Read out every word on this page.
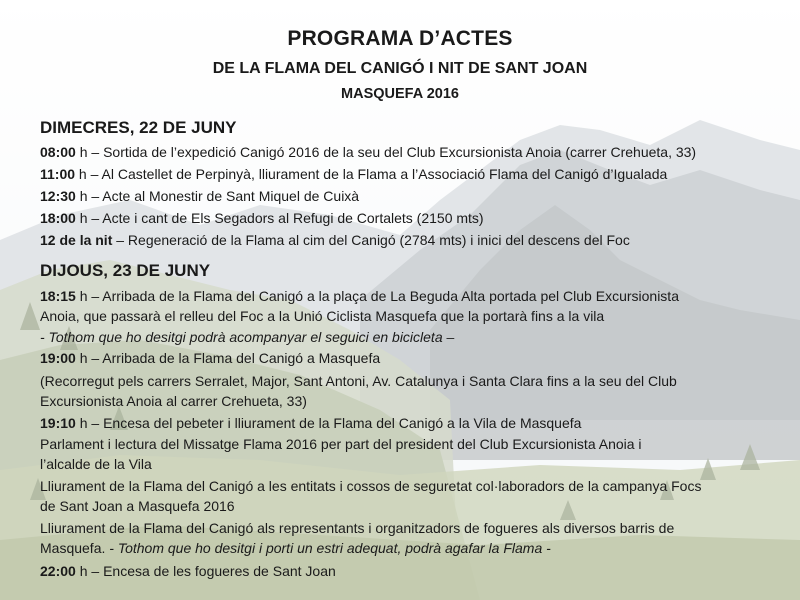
PROGRAMA D’ACTES
DE LA FLAMA DEL CANIGÓ I NIT DE SANT JOAN
MASQUEFA 2016
DIMECRES, 22 DE JUNY
08:00 h – Sortida de l’expedició Canigó 2016 de la seu del Club Excursionista Anoia (carrer Crehueta, 33)
11:00 h – Al Castellet de Perpinyà, lliurament de la Flama a l’Associació Flama del Canigó d’Igualada
12:30 h – Acte al Monestir de Sant Miquel de Cuixà
18:00 h – Acte i cant de Els Segadors al Refugi de Cortalets (2150 mts)
12 de la nit – Regeneració de la Flama al cim del Canigó (2784 mts) i inici del descens del Foc
DIJOUS, 23 DE JUNY
18:15 h – Arribada de la Flama del Canigó a la plaça de La Beguda Alta portada pel Club Excursionista
Anoia, que passarà el relleu del Foc a la Unió Ciclista Masquefa que la portarà fins a la vila
- Tothom que ho desitgi podrà acompanyar el seguici en bicicleta –
19:00 h – Arribada de la Flama del Canigó a Masquefa
(Recorregut pels carrers Serralet, Major, Sant Antoni, Av. Catalunya i Santa Clara fins a la seu del Club
Excursionista Anoia al carrer Crehueta, 33)
19:10 h – Encesa del pebeter i lliurament de la Flama del Canigó a la Vila de Masquefa
Parlament i lectura del Missatge Flama 2016 per part del president del Club Excursionista Anoia i
l’alcalde de la Vila
Lliurament de la Flama del Canigó a les entitats i cossos de seguretat col·laboradors de la campanya Focs
de Sant Joan a Masquefa 2016
Lliurament de la Flama del Canigó als representants i organitzadors de fogueres als diversos barris de
Masquefa. - Tothom que ho desitgi i porti un estri adequat, podrà agafar la Flama -
22:00 h – Encesa de les fogueres de Sant Joan
